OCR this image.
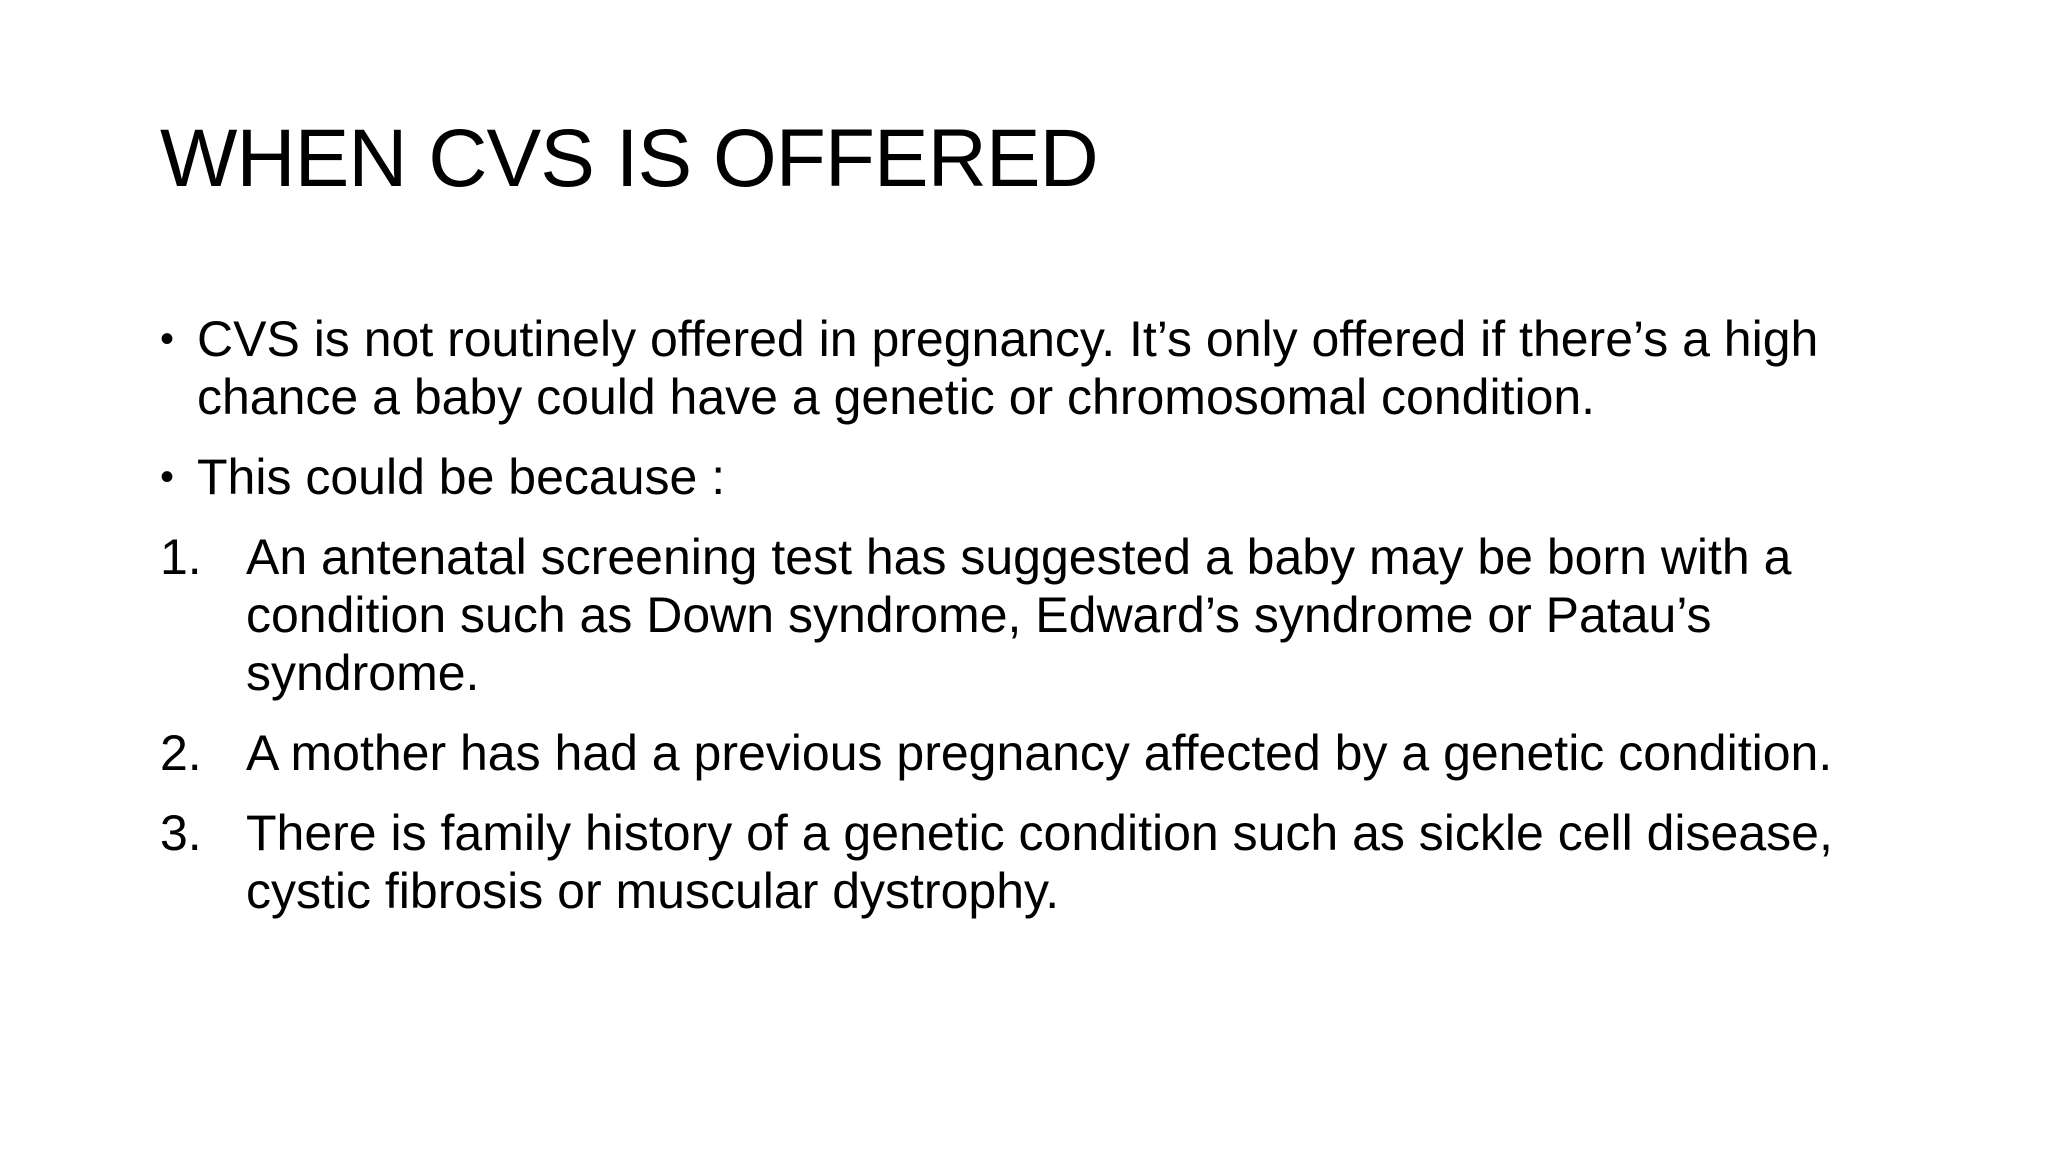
WHEN CVS IS OFFERED
• CVS is not routinely offered in pregnancy. It’s only offered if there’s a high chance a baby could have a genetic or chromosomal condition.
• This could be because :
1. An antenatal screening test has suggested a baby may be born with a condition such as Down syndrome, Edward’s syndrome or Patau’s syndrome.
2. A mother has had a previous pregnancy affected by a genetic condition.
3. There is family history of a genetic condition such as sickle cell disease, cystic fibrosis or muscular dystrophy.
